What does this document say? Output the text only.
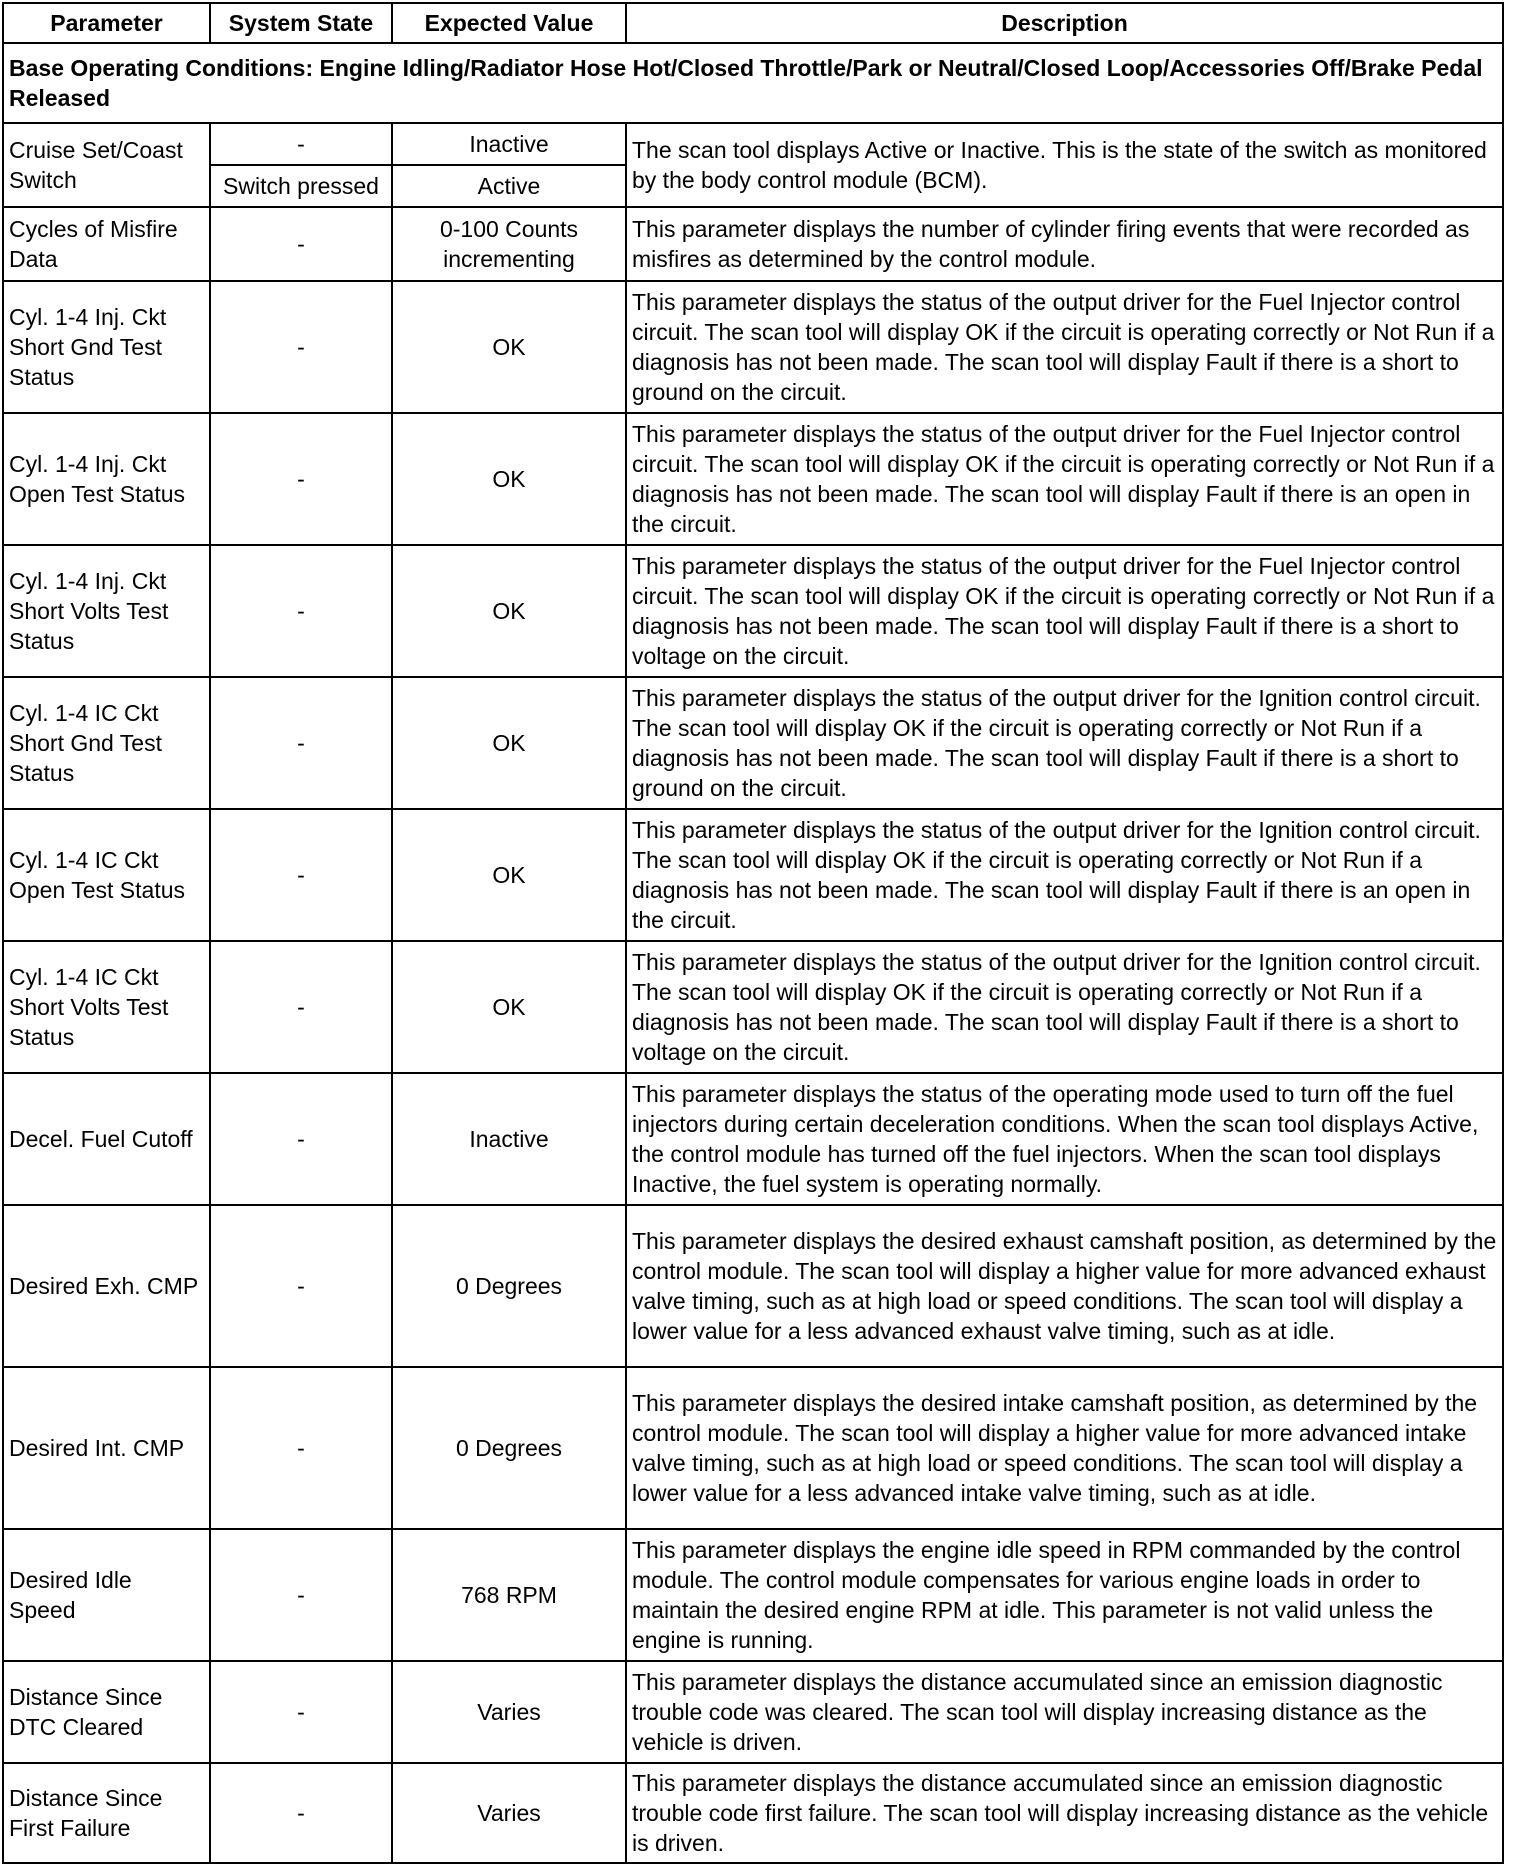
Parameter	System State	Expected Value	Description
Base Operating Conditions: Engine Idling/Radiator Hose Hot/Closed Throttle/Park or Neutral/Closed Loop/Accessories Off/Brake Pedal Released			
Cruise Set/Coast Switch	-	Inactive	The scan tool displays Active or Inactive. This is the state of the switch as monitored by the body control module (BCM).
	Switch pressed	Active	
Cycles of Misfire Data	-	0-100 Counts incrementing	This parameter displays the number of cylinder firing events that were recorded as misfires as determined by the control module.
Cyl. 1-4 Inj. Ckt Short Gnd Test Status	-	OK	This parameter displays the status of the output driver for the Fuel Injector control circuit. The scan tool will display OK if the circuit is operating correctly or Not Run if a diagnosis has not been made. The scan tool will display Fault if there is a short to ground on the circuit.
Cyl. 1-4 Inj. Ckt Open Test Status	-	OK	This parameter displays the status of the output driver for the Fuel Injector control circuit. The scan tool will display OK if the circuit is operating correctly or Not Run if a diagnosis has not been made. The scan tool will display Fault if there is an open in the circuit.
Cyl. 1-4 Inj. Ckt Short Volts Test Status	-	OK	This parameter displays the status of the output driver for the Fuel Injector control circuit. The scan tool will display OK if the circuit is operating correctly or Not Run if a diagnosis has not been made. The scan tool will display Fault if there is a short to voltage on the circuit.
Cyl. 1-4 IC Ckt Short Gnd Test Status	-	OK	This parameter displays the status of the output driver for the Ignition control circuit. The scan tool will display OK if the circuit is operating correctly or Not Run if a diagnosis has not been made. The scan tool will display Fault if there is a short to ground on the circuit.
Cyl. 1-4 IC Ckt Open Test Status	-	OK	This parameter displays the status of the output driver for the Ignition control circuit. The scan tool will display OK if the circuit is operating correctly or Not Run if a diagnosis has not been made. The scan tool will display Fault if there is an open in the circuit.
Cyl. 1-4 IC Ckt Short Volts Test Status	-	OK	This parameter displays the status of the output driver for the Ignition control circuit. The scan tool will display OK if the circuit is operating correctly or Not Run if a diagnosis has not been made. The scan tool will display Fault if there is a short to voltage on the circuit.
Decel. Fuel Cutoff	-	Inactive	This parameter displays the status of the operating mode used to turn off the fuel injectors during certain deceleration conditions. When the scan tool displays Active, the control module has turned off the fuel injectors. When the scan tool displays Inactive, the fuel system is operating normally.
Desired Exh. CMP	-	0 Degrees	This parameter displays the desired exhaust camshaft position, as determined by the control module. The scan tool will display a higher value for more advanced exhaust valve timing, such as at high load or speed conditions. The scan tool will display a lower value for a less advanced exhaust valve timing, such as at idle.
Desired Int. CMP	-	0 Degrees	This parameter displays the desired intake camshaft position, as determined by the control module. The scan tool will display a higher value for more advanced intake valve timing, such as at high load or speed conditions. The scan tool will display a lower value for a less advanced intake valve timing, such as at idle.
Desired Idle Speed	-	768 RPM	This parameter displays the engine idle speed in RPM commanded by the control module. The control module compensates for various engine loads in order to maintain the desired engine RPM at idle. This parameter is not valid unless the engine is running.
Distance Since DTC Cleared	-	Varies	This parameter displays the distance accumulated since an emission diagnostic trouble code was cleared. The scan tool will display increasing distance as the vehicle is driven.
Distance Since First Failure	-	Varies	This parameter displays the distance accumulated since an emission diagnostic trouble code first failure. The scan tool will display increasing distance as the vehicle is driven.
